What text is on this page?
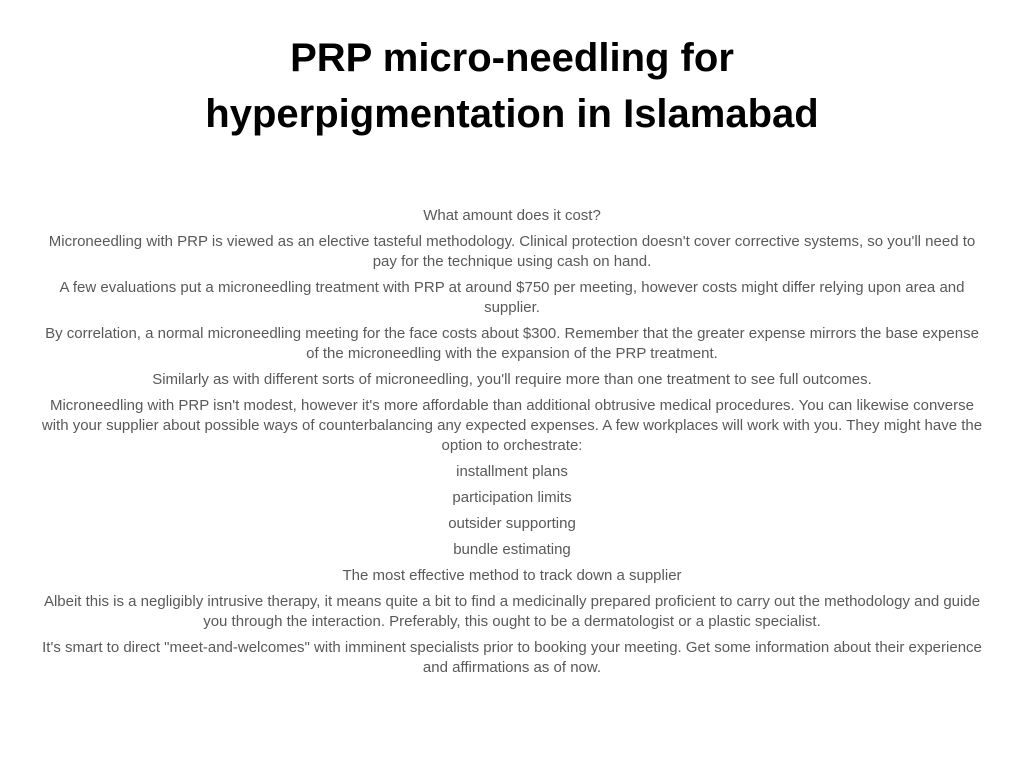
PRP micro-needling for
hyperpigmentation in Islamabad

What amount does it cost?

Microneedling with PRP is viewed as an elective tasteful methodology. Clinical protection doesn't cover corrective systems, so you'll need to pay for the technique using cash on hand.

A few evaluations put a microneedling treatment with PRP at around $750 per meeting, however costs might differ relying upon area and supplier.

By correlation, a normal microneedling meeting for the face costs about $300. Remember that the greater expense mirrors the base expense of the microneedling with the expansion of the PRP treatment.

Similarly as with different sorts of microneedling, you'll require more than one treatment to see full outcomes.

Microneedling with PRP isn't modest, however it's more affordable than additional obtrusive medical procedures. You can likewise converse with your supplier about possible ways of counterbalancing any expected expenses. A few workplaces will work with you. They might have the option to orchestrate:

installment plans

participation limits

outsider supporting

bundle estimating

The most effective method to track down a supplier

Albeit this is a negligibly intrusive therapy, it means quite a bit to find a medicinally prepared proficient to carry out the methodology and guide you through the interaction. Preferably, this ought to be a dermatologist or a plastic specialist.

It's smart to direct "meet-and-welcomes" with imminent specialists prior to booking your meeting. Get some information about their experience and affirmations as of now.
